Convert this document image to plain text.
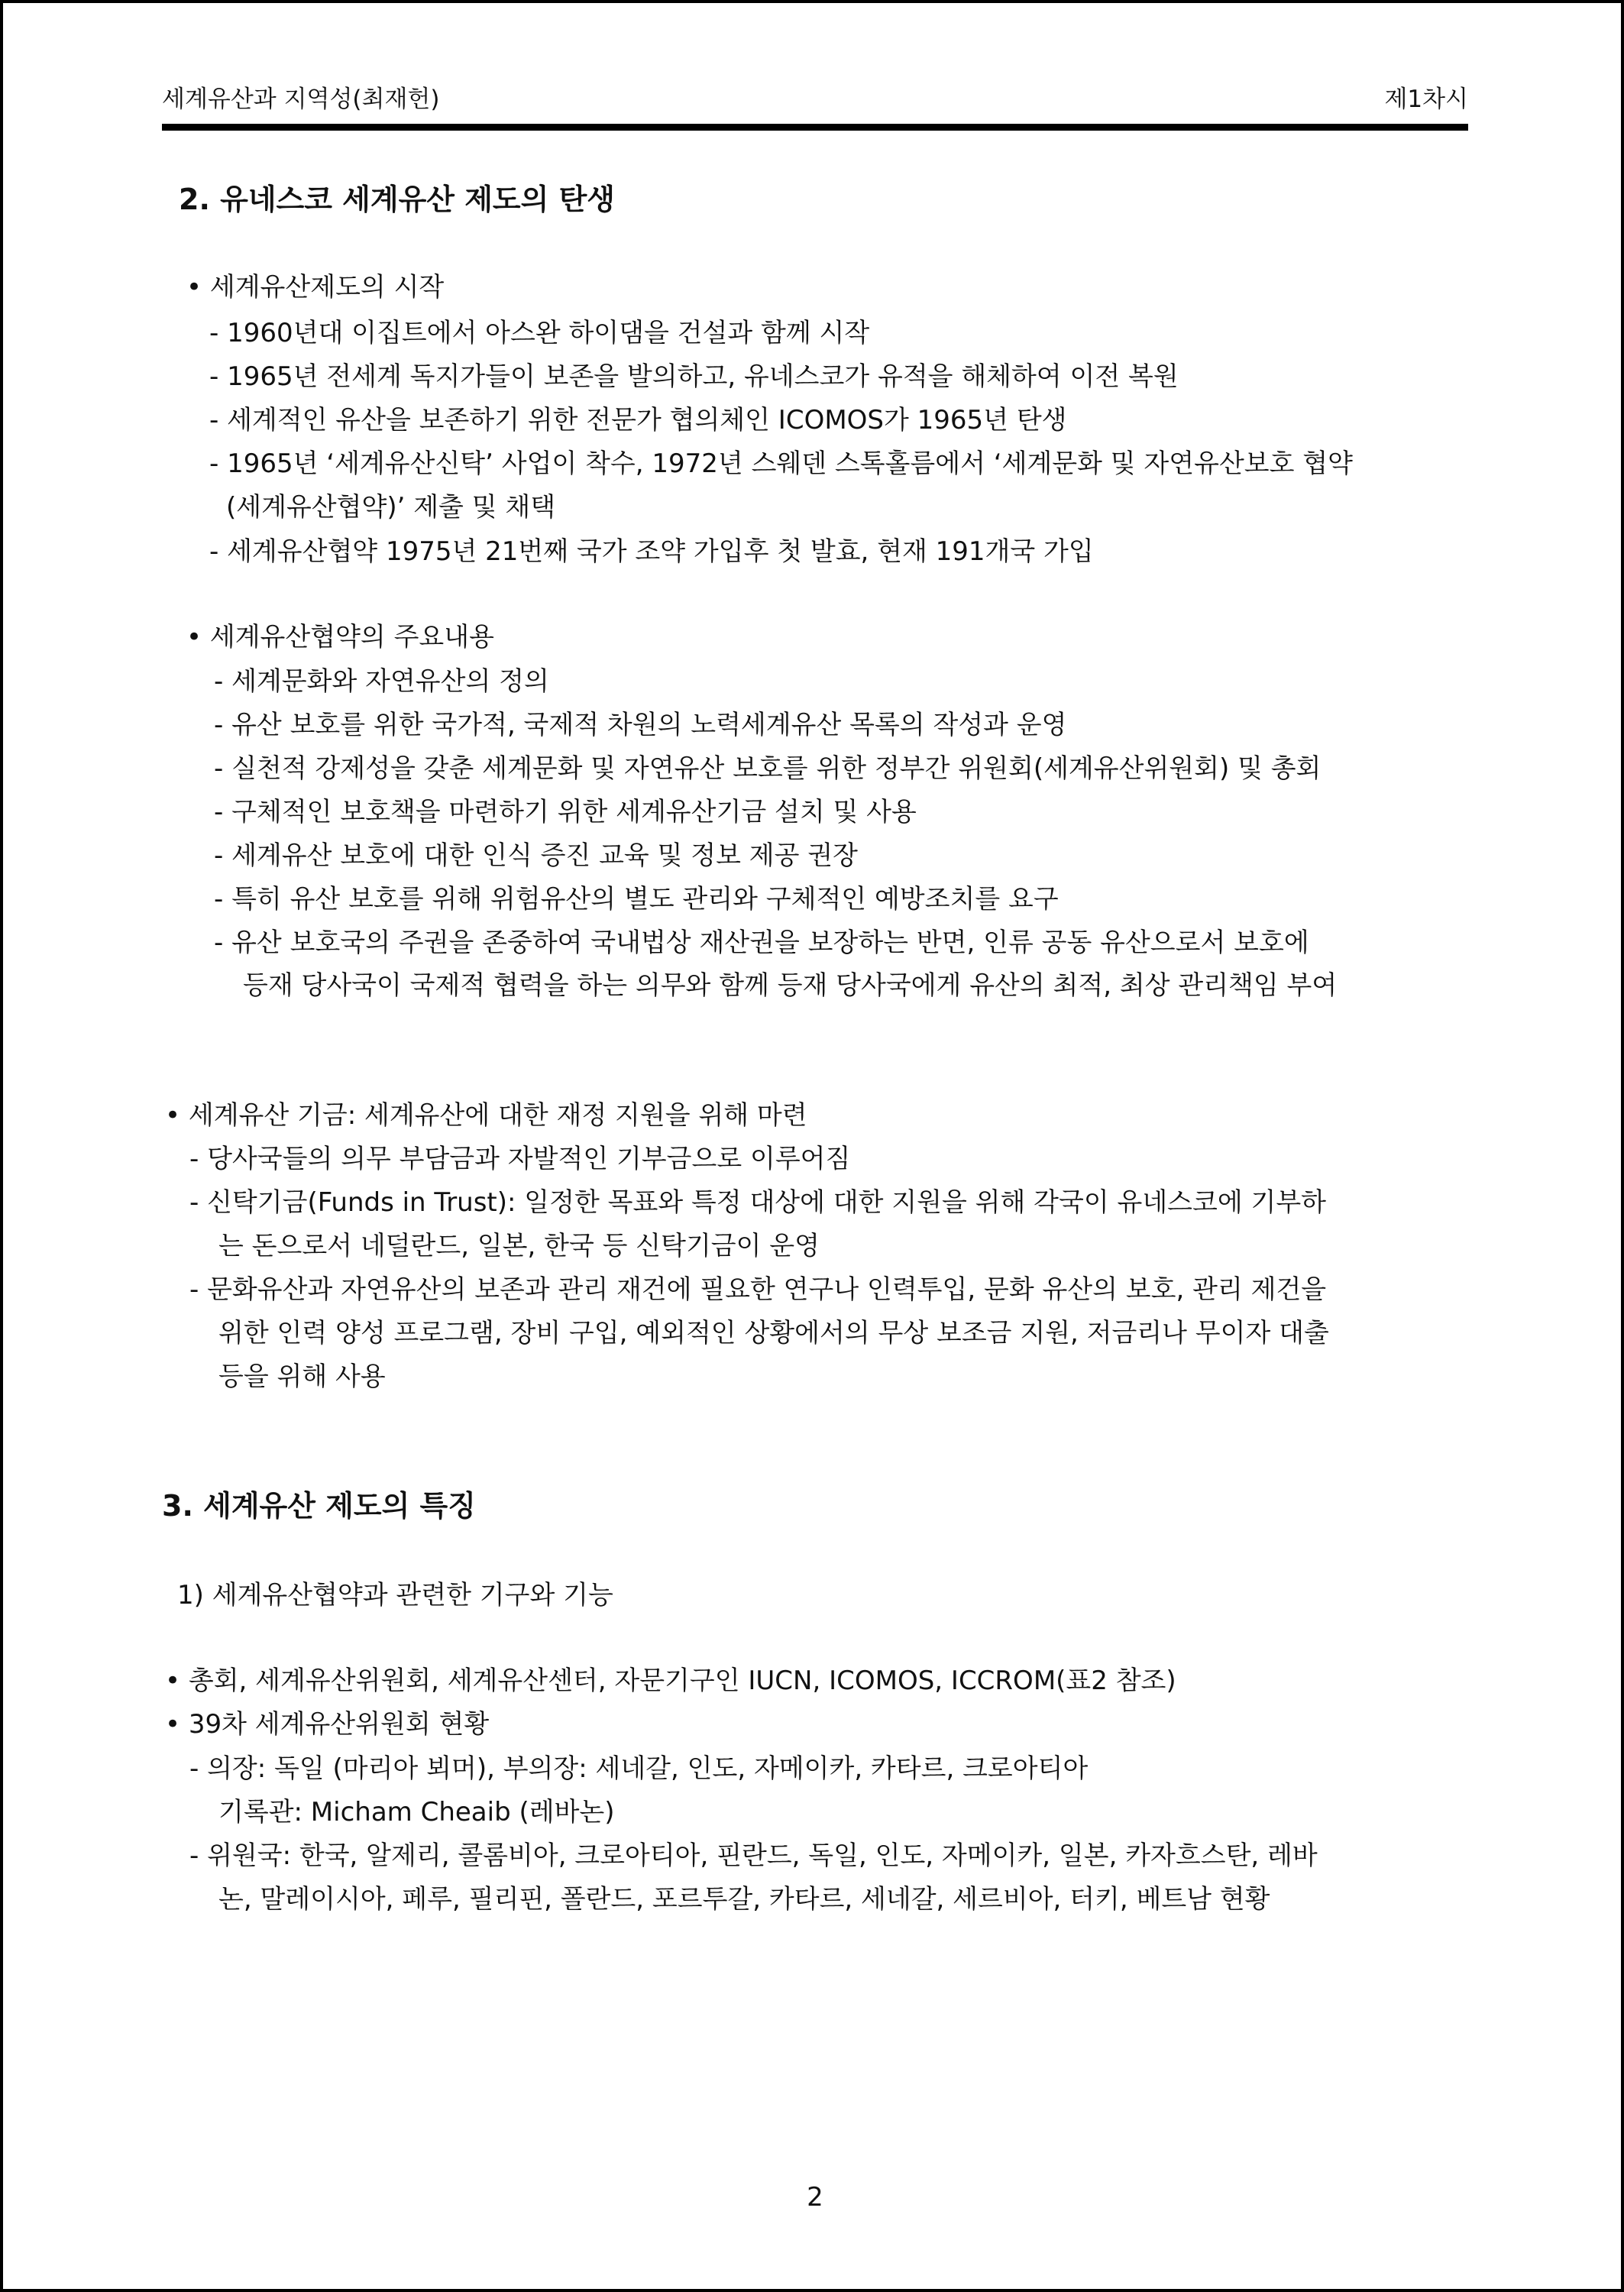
세계유산과 지역성(최재헌)	제1차시
2. 유네스코 세계유산 제도의 탄생
• 세계유산제도의 시작
- 1960년대 이집트에서 아스완 하이댐을 건설과 함께 시작
- 1965년 전세계 독지가들이 보존을 발의하고, 유네스코가 유적을 해체하여 이전 복원
- 세계적인 유산을 보존하기 위한 전문가 협의체인 ICOMOS가 1965년 탄생
- 1965년 ‘세계유산신탁’ 사업이 착수, 1972년 스웨덴 스톡홀름에서 ‘세계문화 및 자연유산보호 협약
(세계유산협약)’ 제출 및 채택
- 세계유산협약 1975년 21번째 국가 조약 가입후 첫 발효, 현재 191개국 가입
• 세계유산협약의 주요내용
- 세계문화와 자연유산의 정의
- 유산 보호를 위한 국가적, 국제적 차원의 노력세계유산 목록의 작성과 운영
- 실천적 강제성을 갖춘 세계문화 및 자연유산 보호를 위한 정부간 위원회(세계유산위원회) 및 총회
- 구체적인 보호책을 마련하기 위한 세계유산기금 설치 및 사용
- 세계유산 보호에 대한 인식 증진 교육 및 정보 제공 권장
- 특히 유산 보호를 위해 위험유산의 별도 관리와 구체적인 예방조치를 요구
- 유산 보호국의 주권을 존중하여 국내법상 재산권을 보장하는 반면, 인류 공동 유산으로서 보호에
등재 당사국이 국제적 협력을 하는 의무와 함께 등재 당사국에게 유산의 최적, 최상 관리책임 부여
• 세계유산 기금: 세계유산에 대한 재정 지원을 위해 마련
- 당사국들의 의무 부담금과 자발적인 기부금으로 이루어짐
- 신탁기금(Funds in Trust): 일정한 목표와 특정 대상에 대한 지원을 위해 각국이 유네스코에 기부하
는 돈으로서 네덜란드, 일본, 한국 등 신탁기금이 운영
- 문화유산과 자연유산의 보존과 관리 재건에 필요한 연구나 인력투입, 문화 유산의 보호, 관리 제건을
위한 인력 양성 프로그램, 장비 구입, 예외적인 상황에서의 무상 보조금 지원, 저금리나 무이자 대출
등을 위해 사용
3. 세계유산 제도의 특징
1) 세계유산협약과 관련한 기구와 기능
• 총회, 세계유산위원회, 세계유산센터, 자문기구인 IUCN, ICOMOS, ICCROM(표2 참조)
• 39차 세계유산위원회 현황
- 의장: 독일 (마리아 뵈머), 부의장: 세네갈, 인도, 자메이카, 카타르, 크로아티아
기록관: Micham Cheaib (레바논)
- 위원국: 한국, 알제리, 콜롬비아, 크로아티아, 핀란드, 독일, 인도, 자메이카, 일본, 카자흐스탄, 레바
논, 말레이시아, 페루, 필리핀, 폴란드, 포르투갈, 카타르, 세네갈, 세르비아, 터키, 베트남 현황
2
